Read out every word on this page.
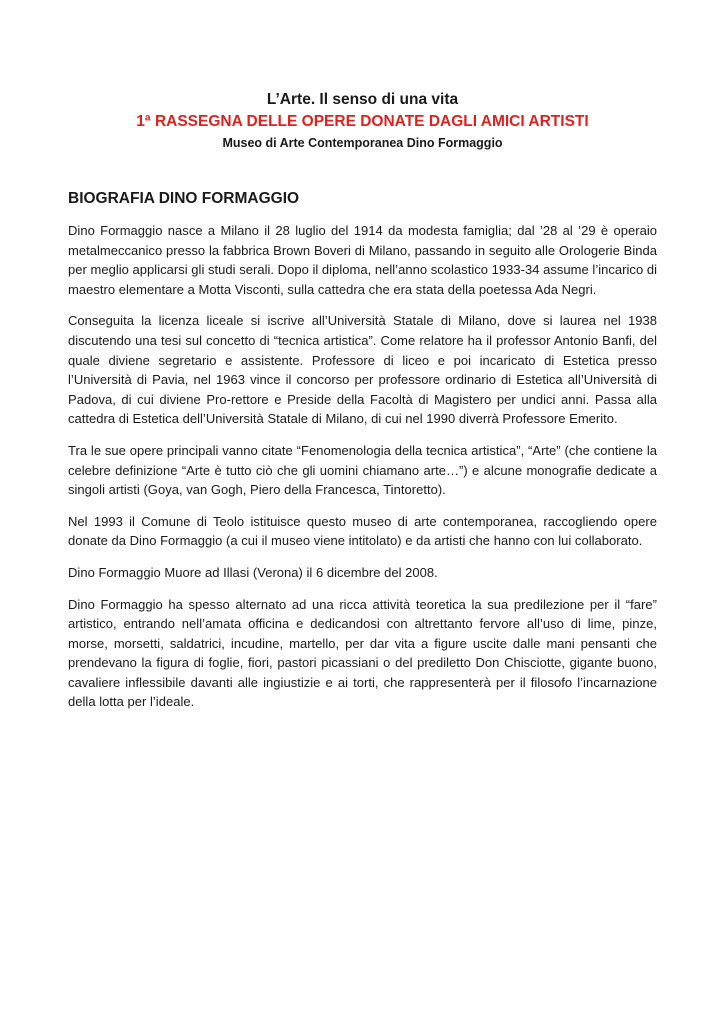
L’Arte. Il senso di una vita
1ª RASSEGNA DELLE OPERE DONATE DAGLI AMICI ARTISTI
Museo di Arte Contemporanea Dino Formaggio
BIOGRAFIA DINO FORMAGGIO

Dino Formaggio nasce a Milano il 28 luglio del 1914 da modesta famiglia; dal ’28 al ’29 è operaio metalmeccanico presso la fabbrica Brown Boveri di Milano, passando in seguito alle Orologerie Binda per meglio applicarsi gli studi serali. Dopo il diploma, nell’anno scolastico 1933-34 assume l’incarico di maestro elementare a Motta Visconti, sulla cattedra che era stata della poetessa Ada Negri.

Conseguita la licenza liceale si iscrive all’Università Statale di Milano, dove si laurea nel 1938 discutendo una tesi sul concetto di “tecnica artistica”. Come relatore ha il professor Antonio Banfi, del quale diviene segretario e assistente. Professore di liceo e poi incaricato di Estetica presso l’Università di Pavia, nel 1963 vince il concorso per professore ordinario di Estetica all’Università di Padova, di cui diviene Pro-rettore e Preside della Facoltà di Magistero per undici anni. Passa alla cattedra di Estetica dell’Università Statale di Milano, di cui nel 1990 diverrà Professore Emerito.

Tra le sue opere principali vanno citate “Fenomenologia della tecnica artistica”, “Arte” (che contiene la celebre definizione “Arte è tutto ciò che gli uomini chiamano arte…”) e alcune monografie dedicate a singoli artisti (Goya, van Gogh, Piero della Francesca, Tintoretto).

Nel 1993 il Comune di Teolo istituisce questo museo di arte contemporanea, raccogliendo opere donate da Dino Formaggio (a cui il museo viene intitolato) e da artisti che hanno con lui collaborato.

Dino Formaggio Muore ad Illasi (Verona) il 6 dicembre del 2008.

Dino Formaggio ha spesso alternato ad una ricca attività teoretica la sua predilezione per il “fare” artistico, entrando nell’amata officina e dedicandosi con altrettanto fervore all’uso di lime, pinze, morse, morsetti, saldatrici, incudine, martello, per dar vita a figure uscite dalle mani pensanti che prendevano la figura di foglie, fiori, pastori picassiani o del prediletto Don Chisciotte, gigante buono, cavaliere inflessibile davanti alle ingiustizie e ai torti, che rappresenterà per il filosofo l’incarnazione della lotta per l’ideale.
